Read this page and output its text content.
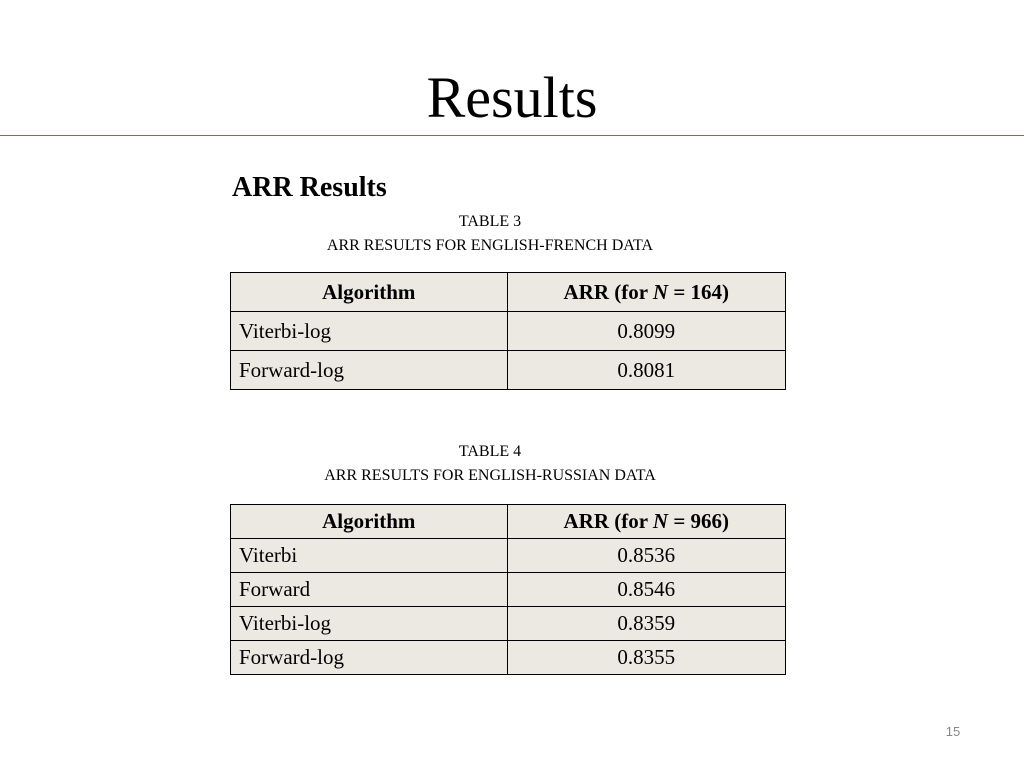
Results
ARR Results
TABLE 3
ARR RESULTS FOR ENGLISH-FRENCH DATA
Algorithm	ARR (for N = 164)
Viterbi-log	0.8099
Forward-log	0.8081
TABLE 4
ARR RESULTS FOR ENGLISH-RUSSIAN DATA
Algorithm	ARR (for N = 966)
Viterbi	0.8536
Forward	0.8546
Viterbi-log	0.8359
Forward-log	0.8355
15
